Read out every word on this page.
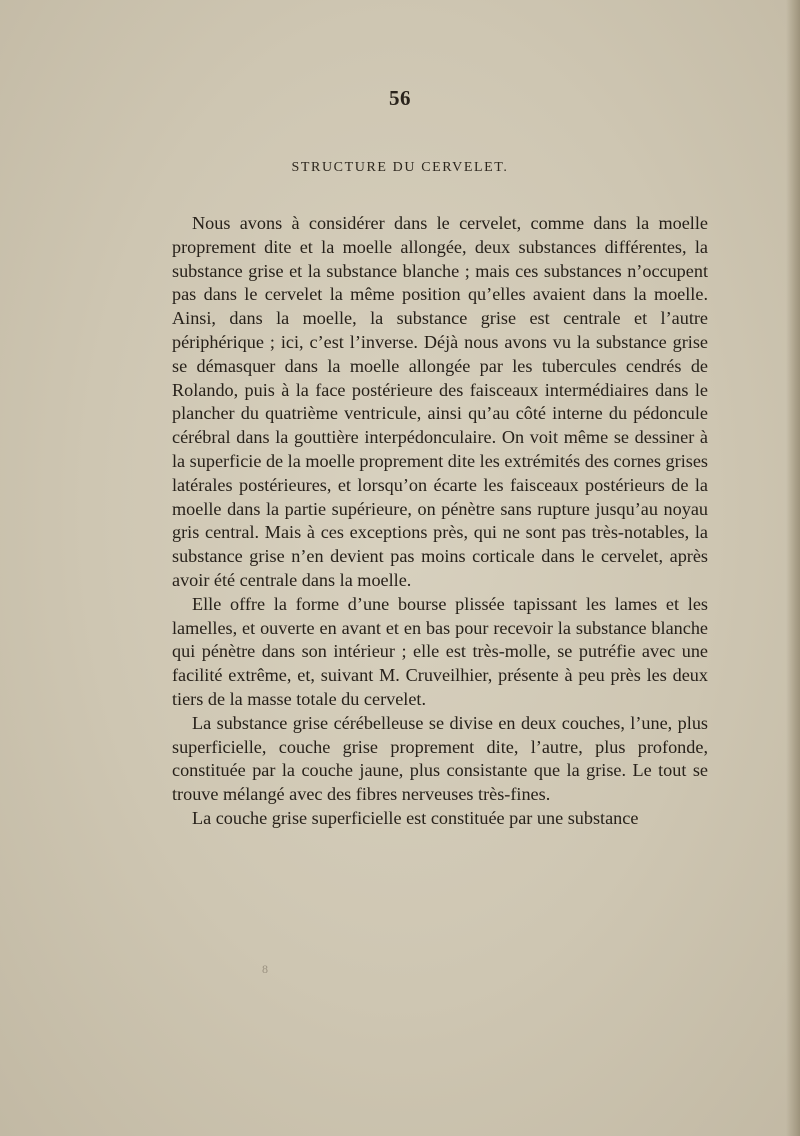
56
STRUCTURE DU CERVELET.

Nous avons à considérer dans le cervelet, comme dans la moelle proprement dite et la moelle allongée, deux substances différentes, la substance grise et la substance blanche ; mais ces substances n’occupent pas dans le cervelet la même position qu’elles avaient dans la moelle. Ainsi, dans la moelle, la substance grise est centrale et l’autre périphérique ; ici, c’est l’inverse. Déjà nous avons vu la substance grise se démasquer dans la moelle allongée par les tubercules cendrés de Rolando, puis à la face postérieure des faisceaux intermédiaires dans le plancher du quatrième ventricule, ainsi qu’au côté interne du pédoncule cérébral dans la gouttière interpédonculaire. On voit même se dessiner à la superficie de la moelle proprement dite les extrémités des cornes grises latérales postérieures, et lorsqu’on écarte les faisceaux postérieurs de la moelle dans la partie supérieure, on pénètre sans rupture jusqu’au noyau gris central. Mais à ces exceptions près, qui ne sont pas très-notables, la substance grise n’en devient pas moins corticale dans le cervelet, après avoir été centrale dans la moelle.

Elle offre la forme d’une bourse plissée tapissant les lames et les lamelles, et ouverte en avant et en bas pour recevoir la substance blanche qui pénètre dans son intérieur ; elle est très-molle, se putréfie avec une facilité extrême, et, suivant M. Cruveilhier, présente à peu près les deux tiers de la masse totale du cervelet.

La substance grise cérébelleuse se divise en deux couches, l’une, plus superficielle, couche grise proprement dite, l’autre, plus profonde, constituée par la couche jaune, plus consistante que la grise. Le tout se trouve mélangé avec des fibres nerveuses très-fines.

La couche grise superficielle est constituée par une substance

8
